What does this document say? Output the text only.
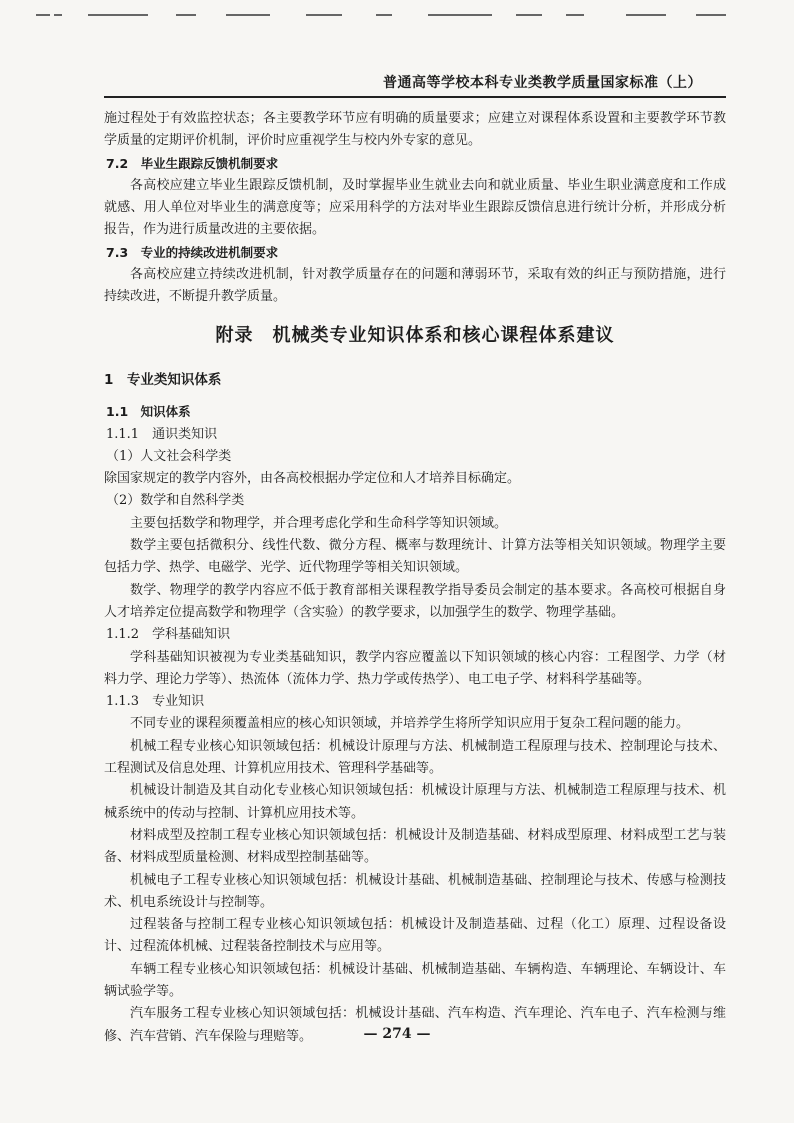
普通高等学校本科专业类教学质量国家标准（上）

施过程处于有效监控状态；各主要教学环节应有明确的质量要求；应建立对课程体系设置和主要教学环节教学质量的定期评价机制，评价时应重视学生与校内外专家的意见。

7.2　毕业生跟踪反馈机制要求

各高校应建立毕业生跟踪反馈机制，及时掌握毕业生就业去向和就业质量、毕业生职业满意度和工作成就感、用人单位对毕业生的满意度等；应采用科学的方法对毕业生跟踪反馈信息进行统计分析，并形成分析报告，作为进行质量改进的主要依据。

7.3　专业的持续改进机制要求

各高校应建立持续改进机制，针对教学质量存在的问题和薄弱环节，采取有效的纠正与预防措施，进行持续改进，不断提升教学质量。

附录　机械类专业知识体系和核心课程体系建议

1　专业类知识体系

1.1　知识体系

1.1.1　通识类知识

（1）人文社会科学类

除国家规定的教学内容外，由各高校根据办学定位和人才培养目标确定。

（2）数学和自然科学类

主要包括数学和物理学，并合理考虑化学和生命科学等知识领域。

数学主要包括微积分、线性代数、微分方程、概率与数理统计、计算方法等相关知识领域。物理学主要包括力学、热学、电磁学、光学、近代物理学等相关知识领域。

数学、物理学的教学内容应不低于教育部相关课程教学指导委员会制定的基本要求。各高校可根据自身人才培养定位提高数学和物理学（含实验）的教学要求，以加强学生的数学、物理学基础。

1.1.2　学科基础知识

学科基础知识被视为专业类基础知识，教学内容应覆盖以下知识领域的核心内容：工程图学、力学（材料力学、理论力学等）、热流体（流体力学、热力学或传热学）、电工电子学、材料科学基础等。

1.1.3　专业知识

不同专业的课程须覆盖相应的核心知识领域，并培养学生将所学知识应用于复杂工程问题的能力。

机械工程专业核心知识领域包括：机械设计原理与方法、机械制造工程原理与技术、控制理论与技术、工程测试及信息处理、计算机应用技术、管理科学基础等。

机械设计制造及其自动化专业核心知识领域包括：机械设计原理与方法、机械制造工程原理与技术、机械系统中的传动与控制、计算机应用技术等。

材料成型及控制工程专业核心知识领域包括：机械设计及制造基础、材料成型原理、材料成型工艺与装备、材料成型质量检测、材料成型控制基础等。

机械电子工程专业核心知识领域包括：机械设计基础、机械制造基础、控制理论与技术、传感与检测技术、机电系统设计与控制等。

过程装备与控制工程专业核心知识领域包括：机械设计及制造基础、过程（化工）原理、过程设备设计、过程流体机械、过程装备控制技术与应用等。

车辆工程专业核心知识领域包括：机械设计基础、机械制造基础、车辆构造、车辆理论、车辆设计、车辆试验学等。

汽车服务工程专业核心知识领域包括：机械设计基础、汽车构造、汽车理论、汽车电子、汽车检测与维修、汽车营销、汽车保险与理赔等。	— 274 —
